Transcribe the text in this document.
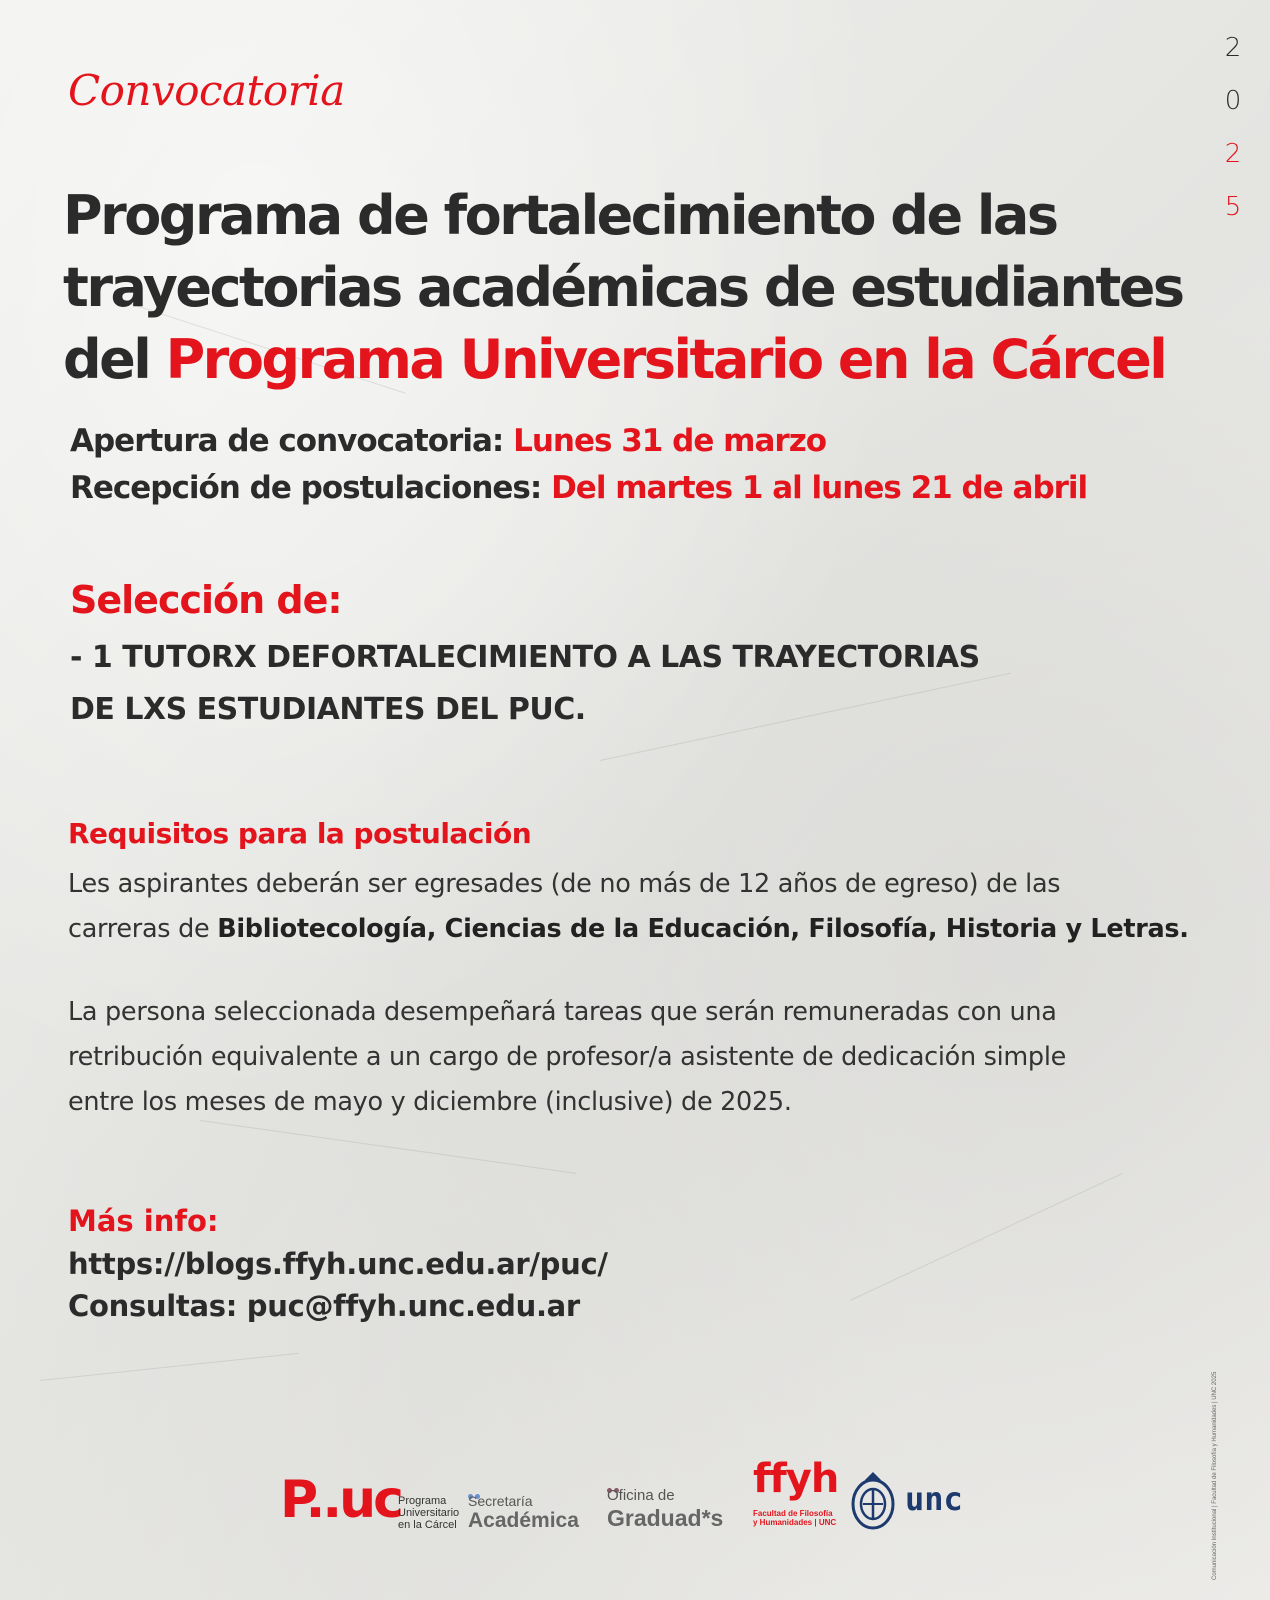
2
0
2
5
Convocatoria
Programa de fortalecimiento de las
trayectorias académicas de estudiantes
del Programa Universitario en la Cárcel
Apertura de convocatoria: Lunes 31 de marzo
Recepción de postulaciones: Del martes 1 al lunes 21 de abril
Selección de:
- 1 TUTORX DEFORTALECIMIENTO A LAS TRAYECTORIAS
DE LXS ESTUDIANTES DEL PUC.
Requisitos para la postulación
Les aspirantes deberán ser egresades (de no más de 12 años de egreso) de las
carreras de Bibliotecología, Ciencias de la Educación, Filosofía, Historia y Letras.
La persona seleccionada desempeñará tareas que serán remuneradas con una
retribución equivalente a un cargo de profesor/a asistente de dedicación simple
entre los meses de mayo y diciembre (inclusive) de 2025.
Más info:
https://blogs.ffyh.unc.edu.ar/puc/
Consultas: puc@ffyh.unc.edu.ar
P..uc
Programa
Universitario
en la Cárcel
Secretaría
Académica
Oficina de
Graduad*s
ffyh
Facultad de Filosofía
y Humanidades | UNC
unc
Comunicación Institucional | Facultad de Filosofía y Humanidades | UNC 2025
